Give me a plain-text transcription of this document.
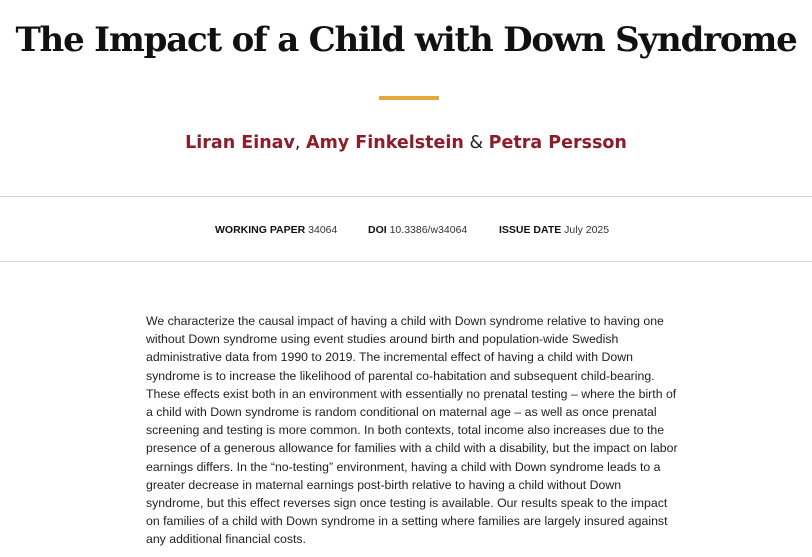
The Impact of a Child with Down Syndrome
Liran Einav, Amy Finkelstein & Petra Persson
WORKING PAPER 34064	DOI 10.3386/w34064	ISSUE DATE July 2025

We characterize the causal impact of having a child with Down syndrome relative to having one without Down syndrome using event studies around birth and population-wide Swedish administrative data from 1990 to 2019. The incremental effect of having a child with Down syndrome is to increase the likelihood of parental co-habitation and subsequent child-bearing. These effects exist both in an environment with essentially no prenatal testing – where the birth of a child with Down syndrome is random conditional on maternal age – as well as once prenatal screening and testing is more common. In both contexts, total income also increases due to the presence of a generous allowance for families with a child with a disability, but the impact on labor earnings differs. In the “no-testing” environment, having a child with Down syndrome leads to a greater decrease in maternal earnings post-birth relative to having a child without Down syndrome, but this effect reverses sign once testing is available. Our results speak to the impact on families of a child with Down syndrome in a setting where families are largely insured against any additional financial costs.
